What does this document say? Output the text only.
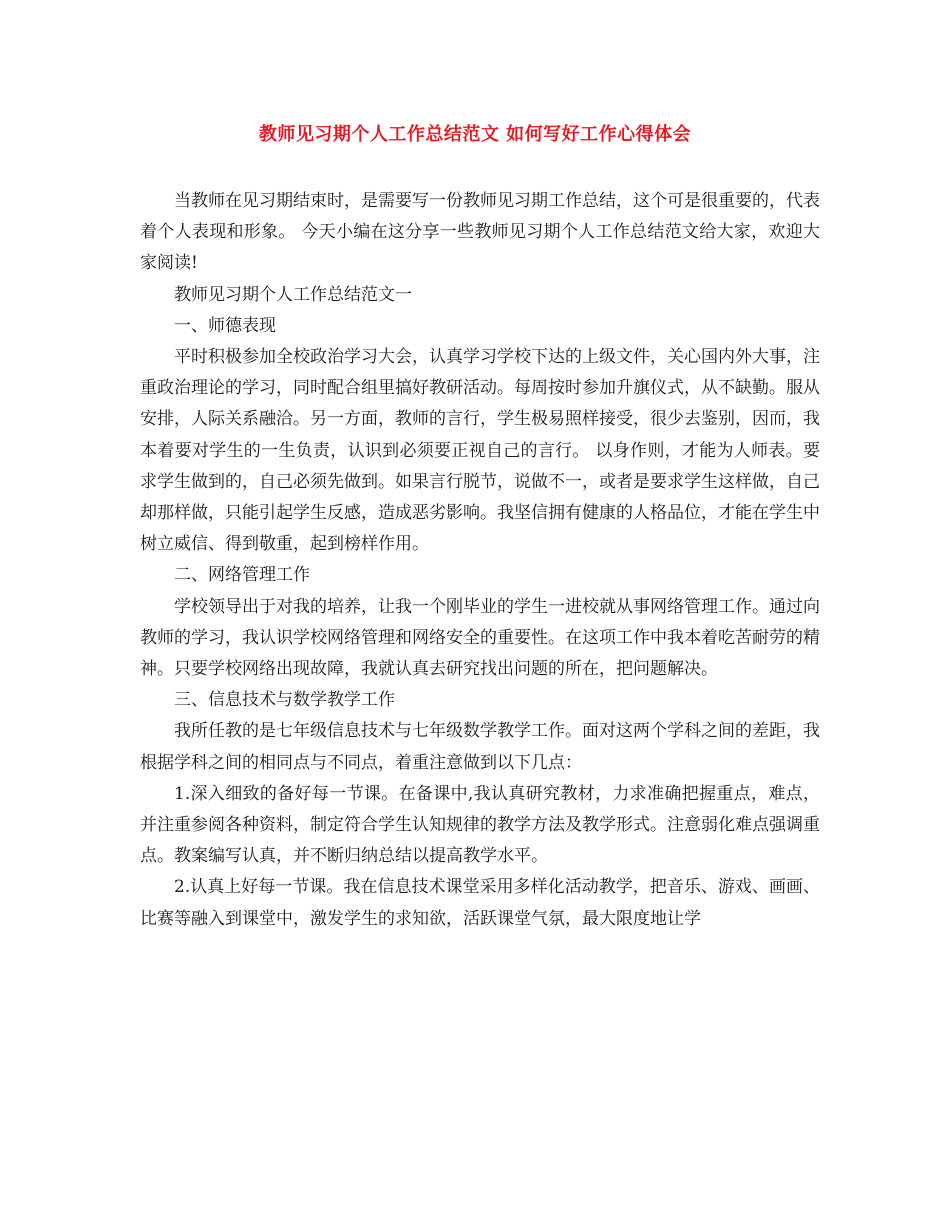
教师见习期个人工作总结范文 如何写好工作心得体会

当教师在见习期结束时，是需要写一份教师见习期工作总结，这个可是很重要的，代表着个人表现和形象。 今天小编在这分享一些教师见习期个人工作总结范文给大家，欢迎大家阅读!

教师见习期个人工作总结范文一

一、师德表现

平时积极参加全校政治学习大会，认真学习学校下达的上级文件，关心国内外大事，注重政治理论的学习，同时配合组里搞好教研活动。每周按时参加升旗仪式，从不缺勤。服从安排，人际关系融洽。另一方面，教师的言行，学生极易照样接受，很少去鉴别，因而，我本着要对学生的一生负责，认识到必须要正视自己的言行。 以身作则，才能为人师表。要求学生做到的，自己必须先做到。如果言行脱节，说做不一，或者是要求学生这样做，自己却那样做，只能引起学生反感，造成恶劣影响。我坚信拥有健康的人格品位，才能在学生中树立威信、得到敬重，起到榜样作用。

二、网络管理工作

学校领导出于对我的培养，让我一个刚毕业的学生一进校就从事网络管理工作。通过向教师的学习，我认识学校网络管理和网络安全的重要性。在这项工作中我本着吃苦耐劳的精神。只要学校网络出现故障，我就认真去研究找出问题的所在，把问题解决。

三、信息技术与数学教学工作

我所任教的是七年级信息技术与七年级数学教学工作。面对这两个学科之间的差距，我根据学科之间的相同点与不同点，着重注意做到以下几点：

1.深入细致的备好每一节课。在备课中,我认真研究教材，力求准确把握重点，难点，并注重参阅各种资料，制定符合学生认知规律的教学方法及教学形式。注意弱化难点强调重点。教案编写认真，并不断归纳总结以提高教学水平。

2.认真上好每一节课。我在信息技术课堂采用多样化活动教学，把音乐、游戏、画画、比赛等融入到课堂中，激发学生的求知欲，活跃课堂气氛，最大限度地让学
